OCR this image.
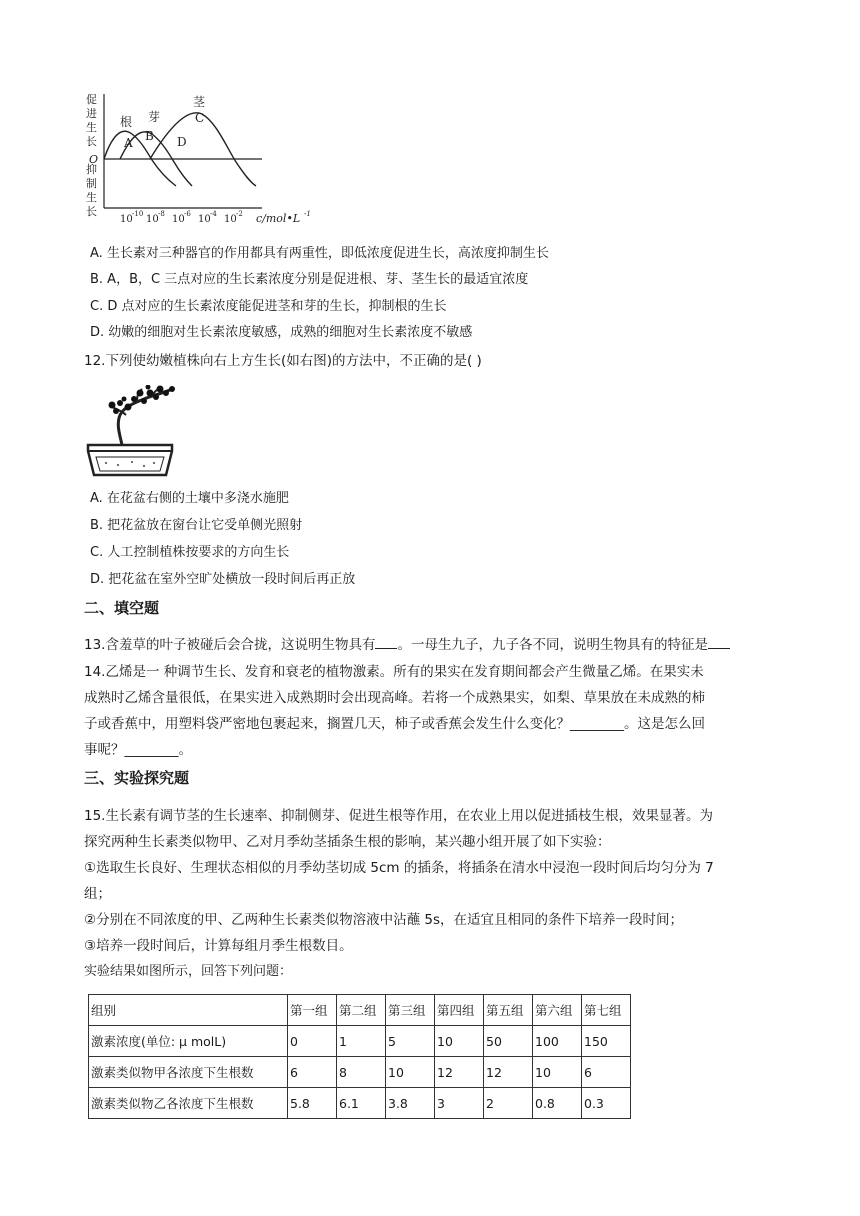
促进生长
抑制生长
O
根 芽
茎
A B
C
D
10 -10 10 -8 10 -6 10 -4 10 -2 c/mol•L -1
A. 生长素对三种器官的作用都具有两重性，即低浓度促进生长，高浓度抑制生长
B. A，B，C 三点对应的生长素浓度分别是促进根、芽、茎生长的最适宜浓度
C. D 点对应的生长素浓度能促进茎和芽的生长，抑制根的生长
D. 幼嫩的细胞对生长素浓度敏感，成熟的细胞对生长素浓度不敏感
12.下列使幼嫩植株向右上方生长(如右图)的方法中，不正确的是( )
A. 在花盆右侧的土壤中多浇水施肥
B. 把花盆放在窗台让它受单侧光照射
C. 人工控制植株按要求的方向生长
D. 把花盆在室外空旷处横放一段时间后再正放
二、填空题
13.含羞草的叶子被碰后会合拢，这说明生物具有 。一母生九子，九子各不同，说明生物具有的特征是
14.乙烯是一 种调节生长、发育和衰老的植物激素。所有的果实在发育期间都会产生微量乙烯。在果实未
成熟时乙烯含量很低，在果实进入成熟期时会出现高峰。若将一个成熟果实，如梨、草果放在未成熟的柿
子或香蕉中，用塑料袋严密地包裹起来，搁置几天，柿子或香蕉会发生什么变化？________。这是怎么回
事呢？________。
三、实验探究题
15.生长素有调节茎的生长速率、抑制侧芽、促进生根等作用，在农业上用以促进插枝生根，效果显著。为
探究两种生长素类似物甲、乙对月季幼茎插条生根的影响，某兴趣小组开展了如下实验：
①选取生长良好、生理状态相似的月季幼茎切成 5cm 的插条，将插条在清水中浸泡一段时间后均匀分为 7
组；
②分别在不同浓度的甲、乙两种生长素类似物溶液中沾蘸 5s，在适宜且相同的条件下培养一段时间；
③培养一段时间后，计算每组月季生根数目。
实验结果如图所示，回答下列问题：
组别	第一组	第二组	第三组	第四组	第五组	第六组	第七组
激素浓度(单位: μ molL)	0	1	5	10	50	100	150
激素类似物甲各浓度下生根数	6	8	10	12	12	10	6
激素类似物乙各浓度下生根数	5.8	6.1	3.8	3	2	0.8	0.3
